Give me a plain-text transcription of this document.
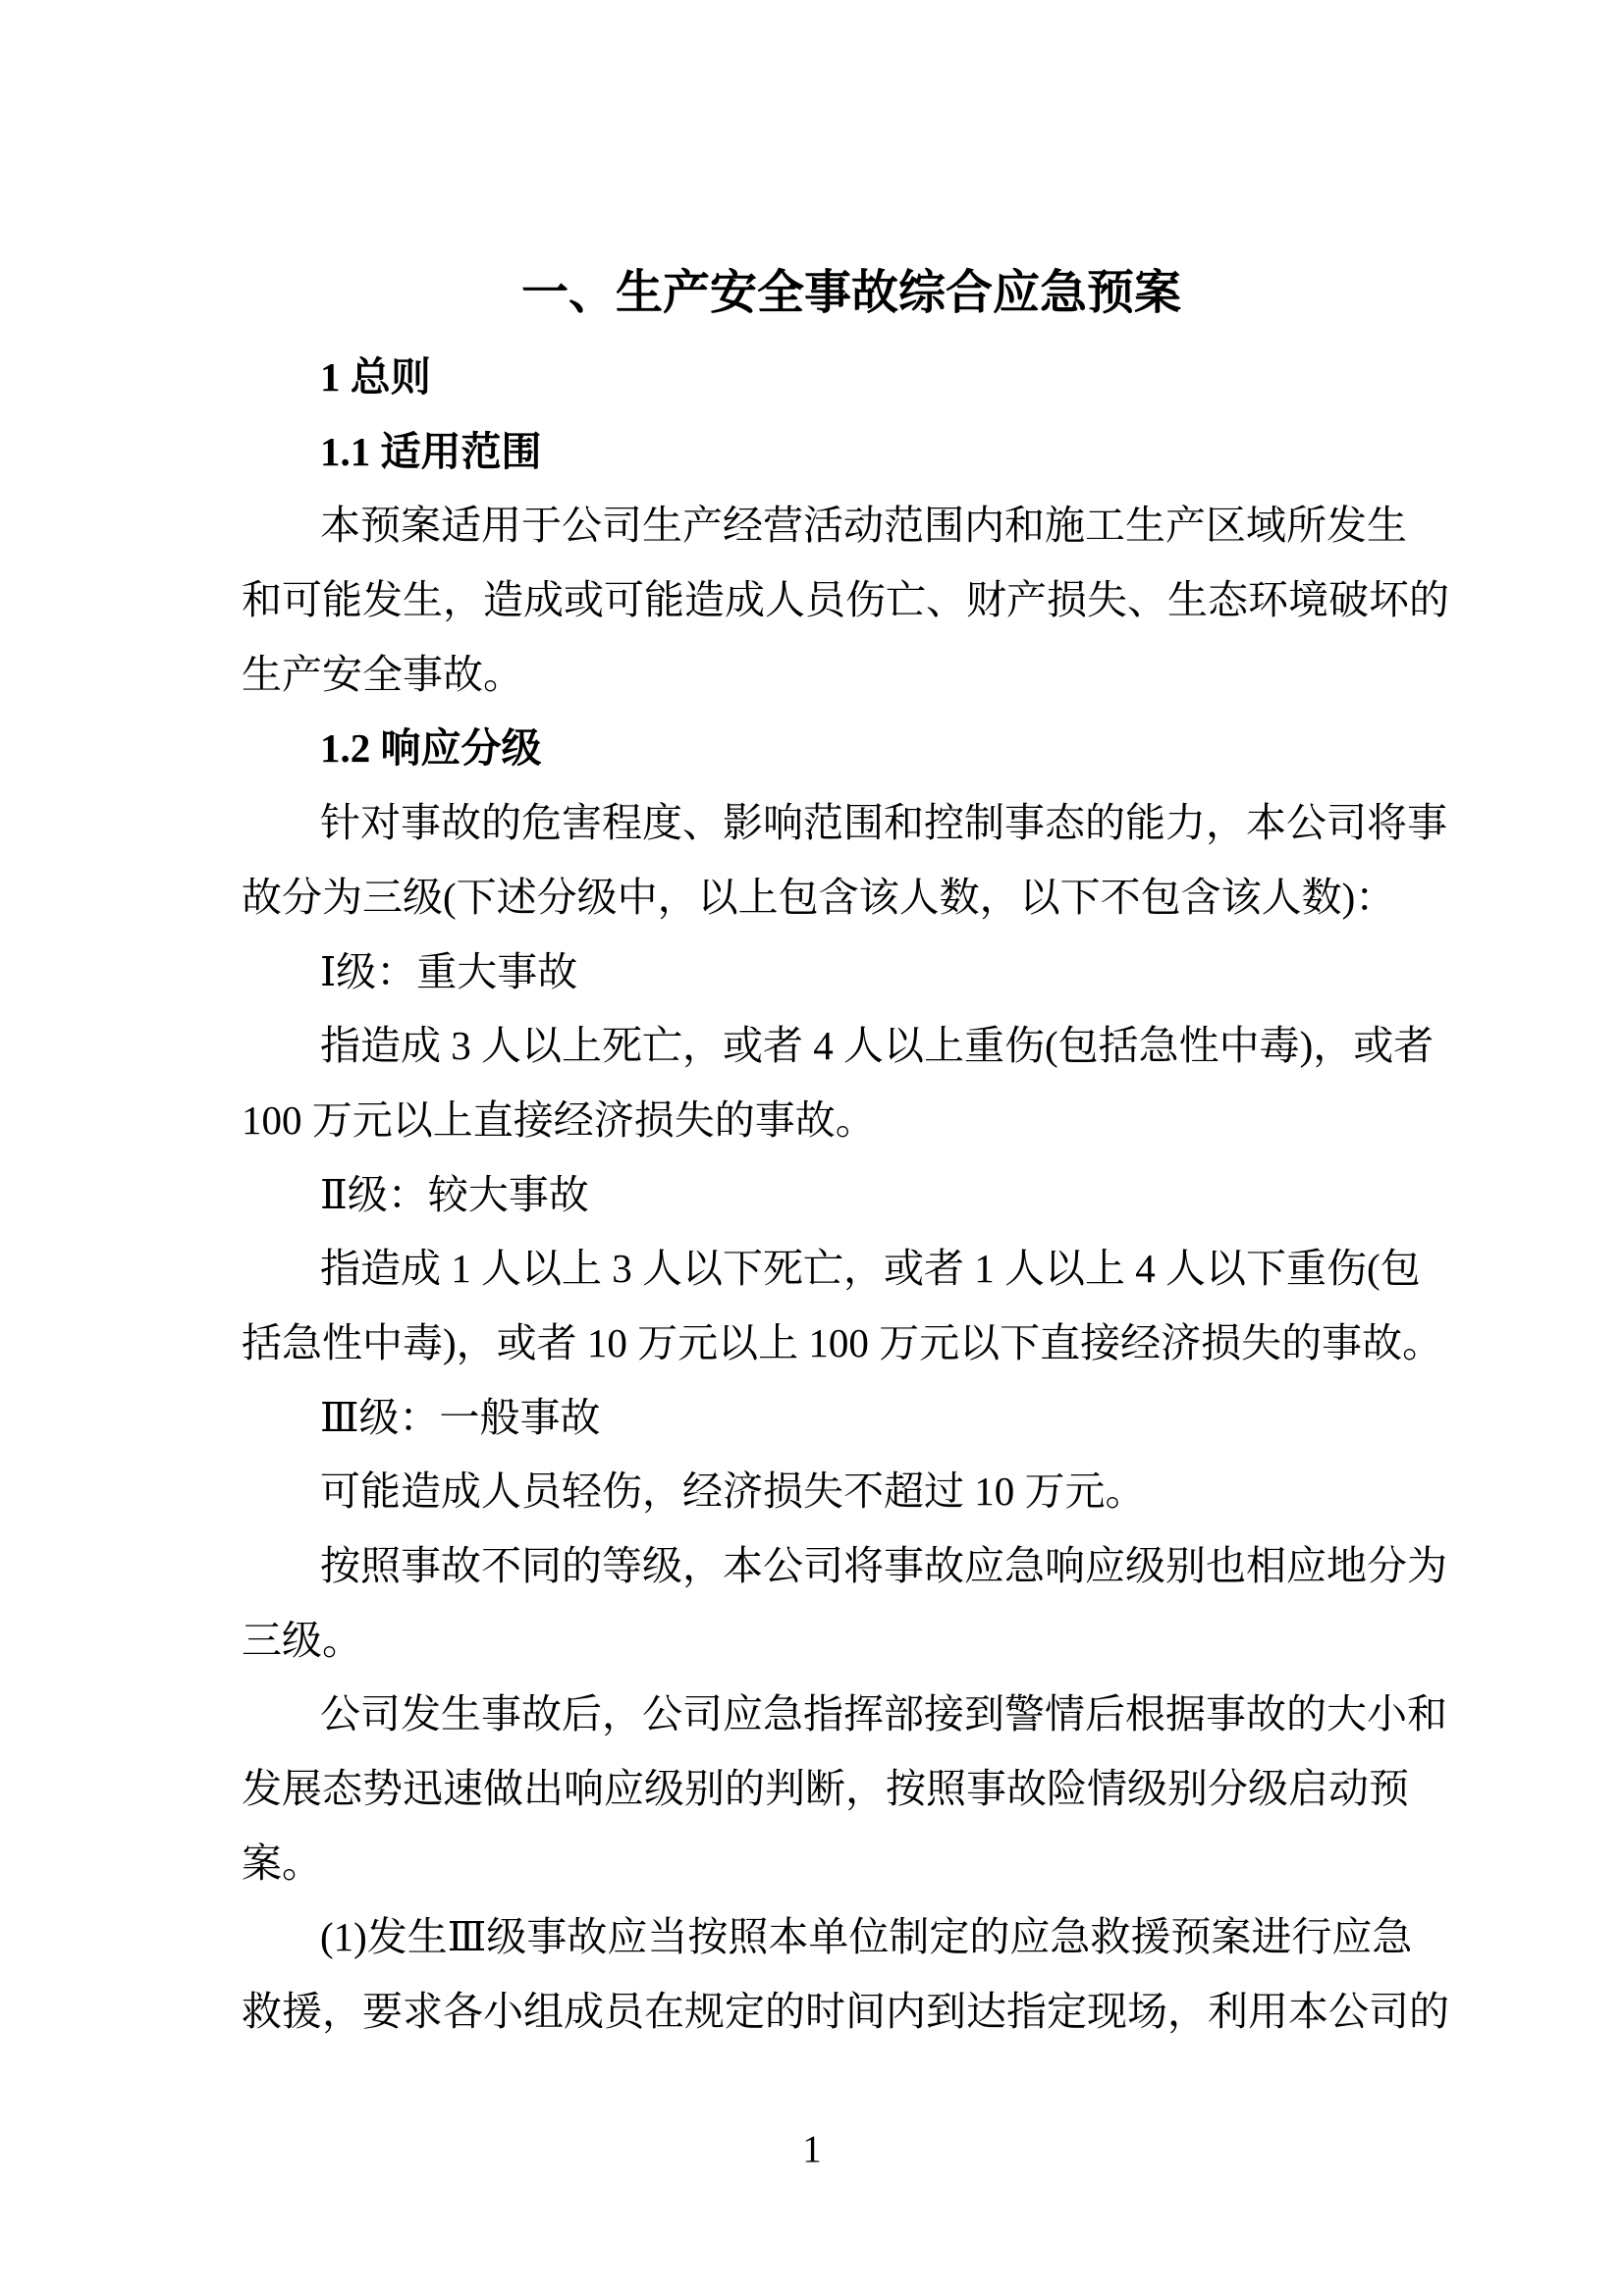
一、生产安全事故综合应急预案
1 总则
1.1 适用范围
本预案适用于公司生产经营活动范围内和施工生产区域所发生
和可能发生，造成或可能造成人员伤亡、财产损失、生态环境破坏的
生产安全事故。
1.2 响应分级
针对事故的危害程度、影响范围和控制事态的能力，本公司将事
故分为三级(下述分级中，以上包含该人数，以下不包含该人数)：
Ⅰ级：重大事故
指造成 3 人以上死亡，或者 4 人以上重伤(包括急性中毒)，或者
100 万元以上直接经济损失的事故。
Ⅱ级：较大事故
指造成 1 人以上 3 人以下死亡，或者 1 人以上 4 人以下重伤(包
括急性中毒)，或者 10 万元以上 100 万元以下直接经济损失的事故。
Ⅲ级：一般事故
可能造成人员轻伤，经济损失不超过 10 万元。
按照事故不同的等级，本公司将事故应急响应级别也相应地分为
三级。
公司发生事故后，公司应急指挥部接到警情后根据事故的大小和
发展态势迅速做出响应级别的判断，按照事故险情级别分级启动预
案。
(1)发生Ⅲ级事故应当按照本单位制定的应急救援预案进行应急
救援，要求各小组成员在规定的时间内到达指定现场，利用本公司的
1
